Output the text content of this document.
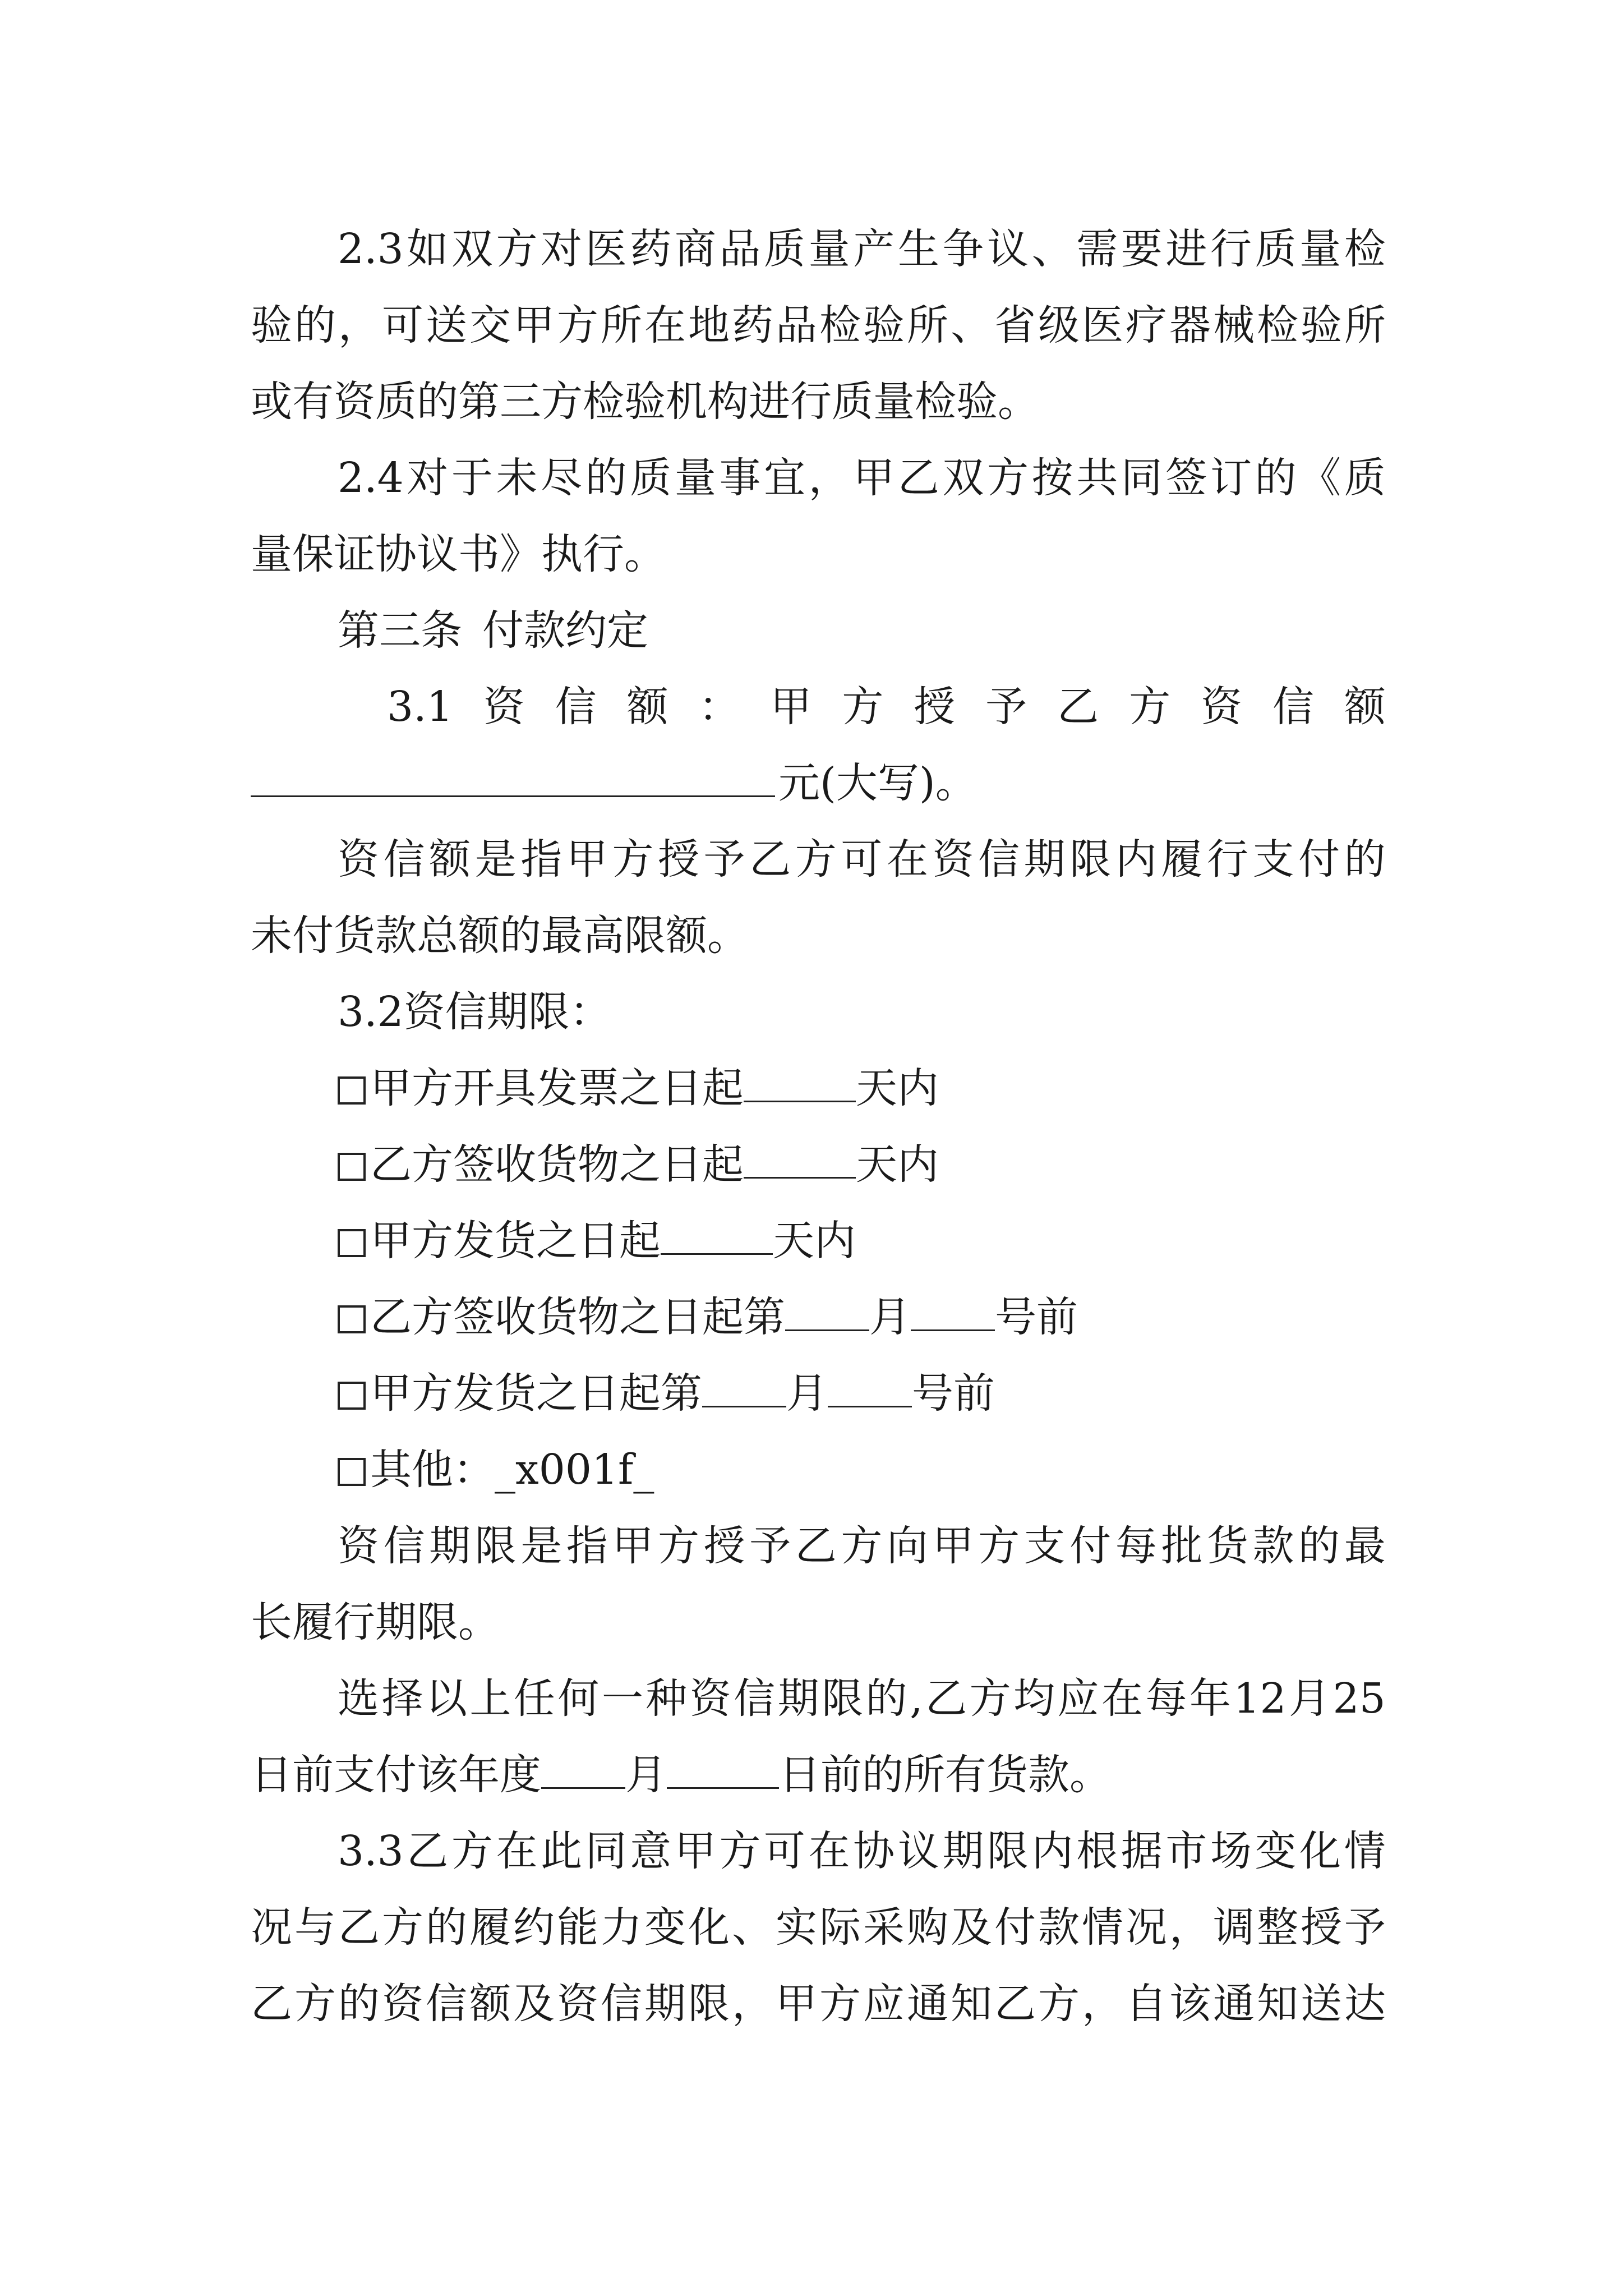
2.3 如 双 方 对 医 药 商 品 质 量 产 生 争 议 、 需 要 进 行 质 量 检
验 的 ， 可 送 交 甲 方 所 在 地 药 品 检 验 所 、 省 级 医 疗 器 械 检 验 所
或有资质的第三方检验机构进行质量检验。
2.4 对 于 未 尽 的 质 量 事 宜 ， 甲 乙 双 方 按 共 同 签 订 的 《 质
量保证协议书》执行。
第三条 付款约定
3.1 资 信 额 ： 甲 方 授 予 乙 方 资 信 额
元(大写)。
资 信 额 是 指 甲 方 授 予 乙 方 可 在 资 信 期 限 内 履 行 支 付 的
未付货款总额的最高限额。
3.2资信期限：
甲方开具发票之日起	天内
乙方签收货物之日起	天内
甲方发货之日起	天内
乙方签收货物之日起第 月 号前
甲方发货之日起第 月 号前
其他：_x001f_
资 信 期 限 是 指 甲 方 授 予 乙 方 向 甲 方 支 付 每 批 货 款 的 最
长履行期限。
选 择 以 上 任 何 一 种 资 信 期 限 的 , 乙 方 均 应 在 每 年 12 月 25
日前支付该年度 月	日前的所有货款。
3.3 乙 方 在 此 同 意 甲 方 可 在 协 议 期 限 内 根 据 市 场 变 化 情
况 与 乙 方 的 履 约 能 力 变 化 、 实 际 采 购 及 付 款 情 况 ， 调 整 授 予
乙 方 的 资 信 额 及 资 信 期 限 ， 甲 方 应 通 知 乙 方 ， 自 该 通 知 送 达
